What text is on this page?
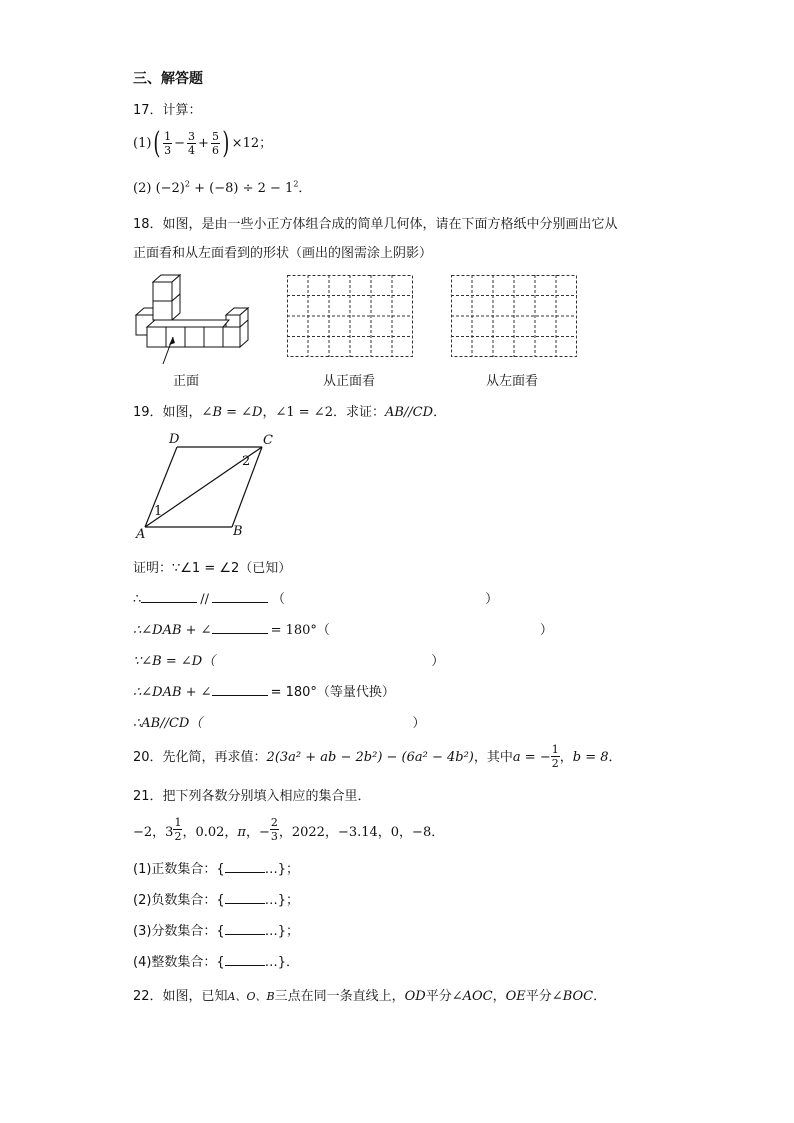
三、解答题
17．计算：
$(1)( \frac{1}{3} - \frac{3}{4} + \frac{5}{6}$ ) ×12；
(2) $(-2)^2 + (-8) \div 2 - 1^2$．
18．如图，是由一些小正方体组合成的简单几何体，请在下面方格纸中分别画出它从
正面看和从左面看到的形状（画出的图需涂上阴影）
正面	从正面看	从左面看
19．如图，∠B = ∠D，∠1 = ∠2．求证：AB//CD．
D	C
A	B
1
2
证明：∵∠1 = ∠2（已知）
∴	//	（	）
∴∠DAB + ∠	= 180°（	）
∵∠B = ∠D（	）
∴∠DAB + ∠	= 180°（等量代换）
∴AB//CD（	）
20．先化简，再求值：2(3a² + ab − 2b²) − (6a² − 4b²)，其中a = − $\frac{1}{2}$ ，b = 8．
21．把下列各数分别填入相应的集合里．
−2，$3 \frac{1}{2}$ ，0.02，π，− $\frac{2}{3}$ ，2022，−3.14，0，−8．
(1)正数集合：{	…}；
(2)负数集合：{	…}；
(3)分数集合：{	…}；
(4)整数集合：{	…}．
22．如图，已知A、O、B三点在同一条直线上，OD平分∠AOC，OE平分∠BOC．
